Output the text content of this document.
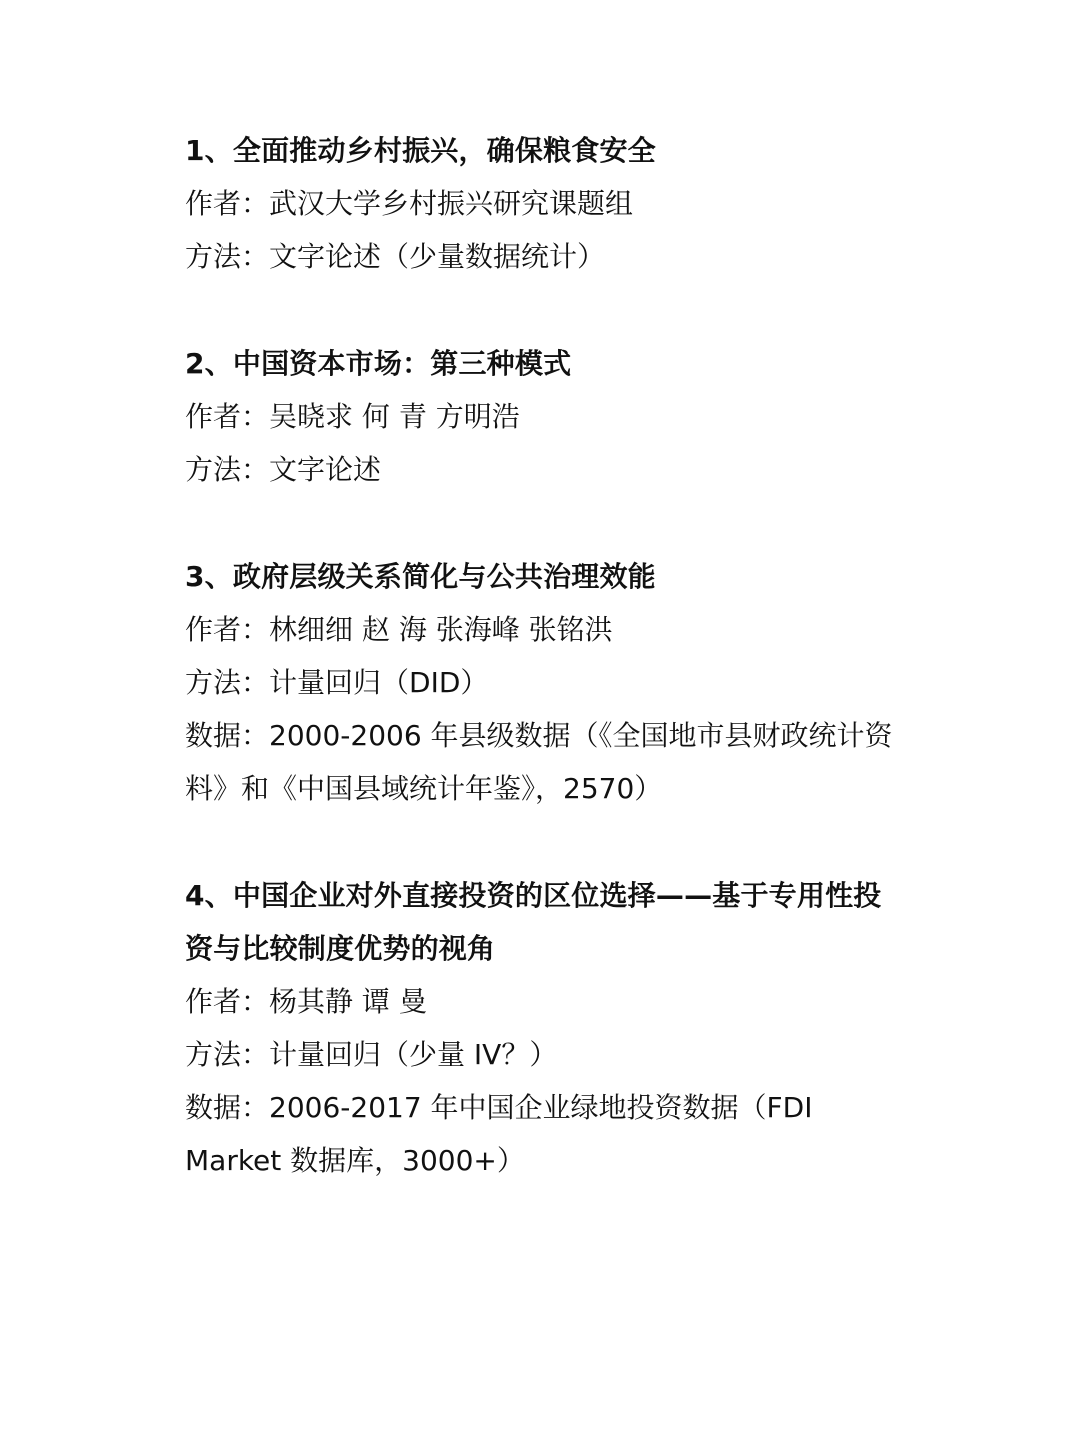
1、全面推动乡村振兴，确保粮食安全

作者：武汉大学乡村振兴研究课题组

方法：文字论述（少量数据统计）

2、中国资本市场：第三种模式

作者：吴晓求 何 青 方明浩

方法：文字论述

3、政府层级关系简化与公共治理效能

作者：林细细 赵 海 张海峰 张铭洪

方法：计量回归（DID）

数据：2000-2006 年县级数据（《全国地市县财政统计资料》和《中国县域统计年鉴》，2570）

4、中国企业对外直接投资的区位选择——基于专用性投资与比较制度优势的视角

作者：杨其静 谭 曼

方法：计量回归（少量 IV？）

数据：2006-2017 年中国企业绿地投资数据（FDI Market 数据库，3000+）
